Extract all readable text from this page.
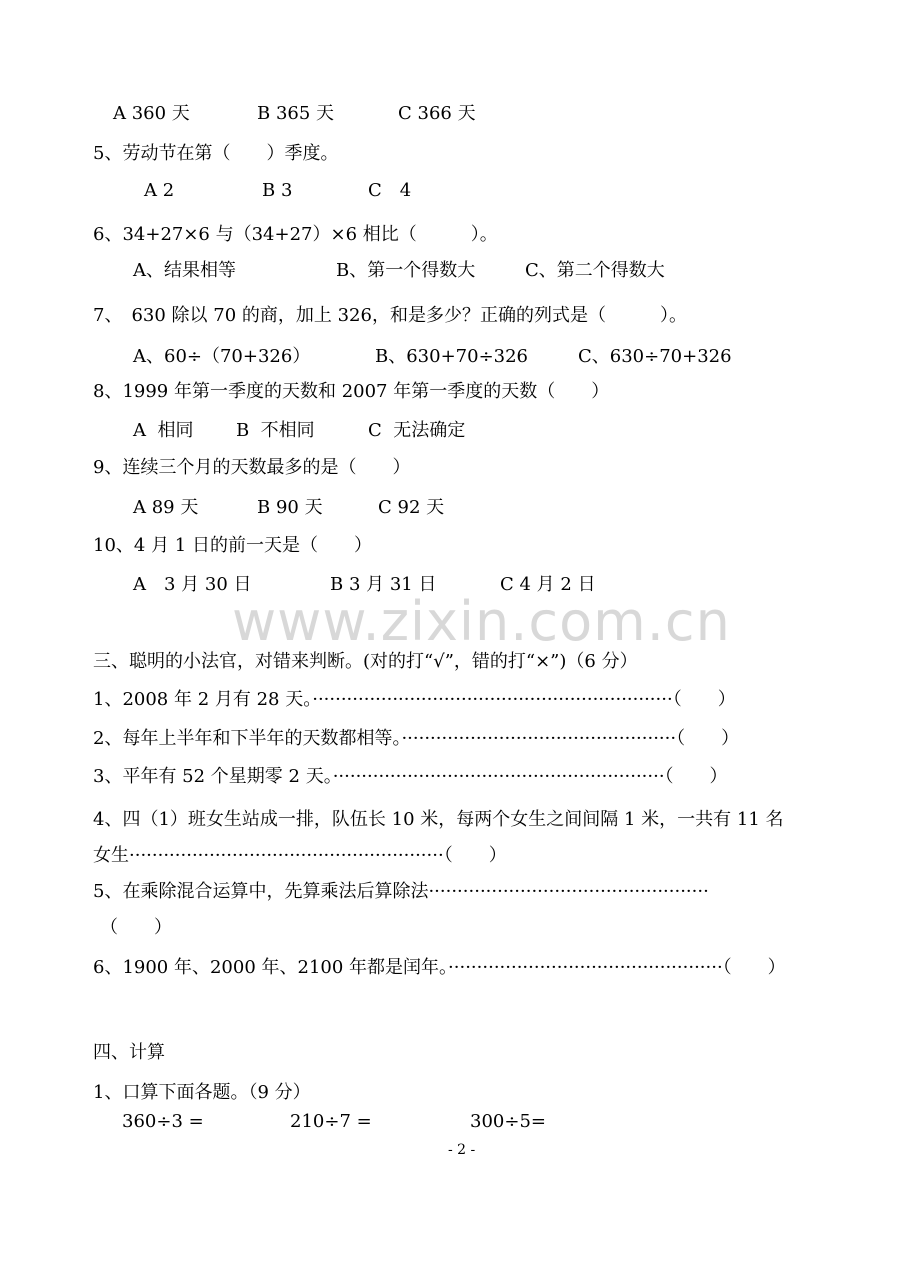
A 360 天	B 365 天	C 366 天
5、劳动节在第（　　）季度。
A 2	B 3	C　4
6、34+27×6 与（34+27）×6 相比（　　　）。
A、结果相等	B、第一个得数大	C、第二个得数大
7、　630 除以 70 的商，加上 326，和是多少？正确的列式是（　　　）。
A、60÷（70+326）	B、630+70÷326	C、630÷70+326
8、1999 年第一季度的天数和 2007 年第一季度的天数（　　）
A  相同 B  不相同	C  无法确定
9、连续三个月的天数最多的是（　　）
A 89 天	B 90 天	C 92 天
10、4 月 1 日的前一天是（　　）
A　3 月 30 日	B 3 月 31 日	C 4 月 2 日
www.zixin.com.cn
三、聪明的小法官，对错来判断。(对的打“√”，错的打“×”)（6 分）
1、2008 年 2 月有 28 天。·······························································（　　）
2、每年上半年和下半年的天数都相等。················································（　　）
3、平年有 52 个星期零 2 天。··························································（　　）
4、四（1）班女生站成一排，队伍长 10 米，每两个女生之间间隔 1 米，一共有 11 名
女生·······················································（　　）
5、在乘除混合运算中，先算乘法后算除法·················································
（　　）
6、1900 年、2000 年、2100 年都是闰年。················································（　　）
四、计算
1、口算下面各题。（9 分）
360÷3 =	210÷7 =	300÷5=
- 2 -
